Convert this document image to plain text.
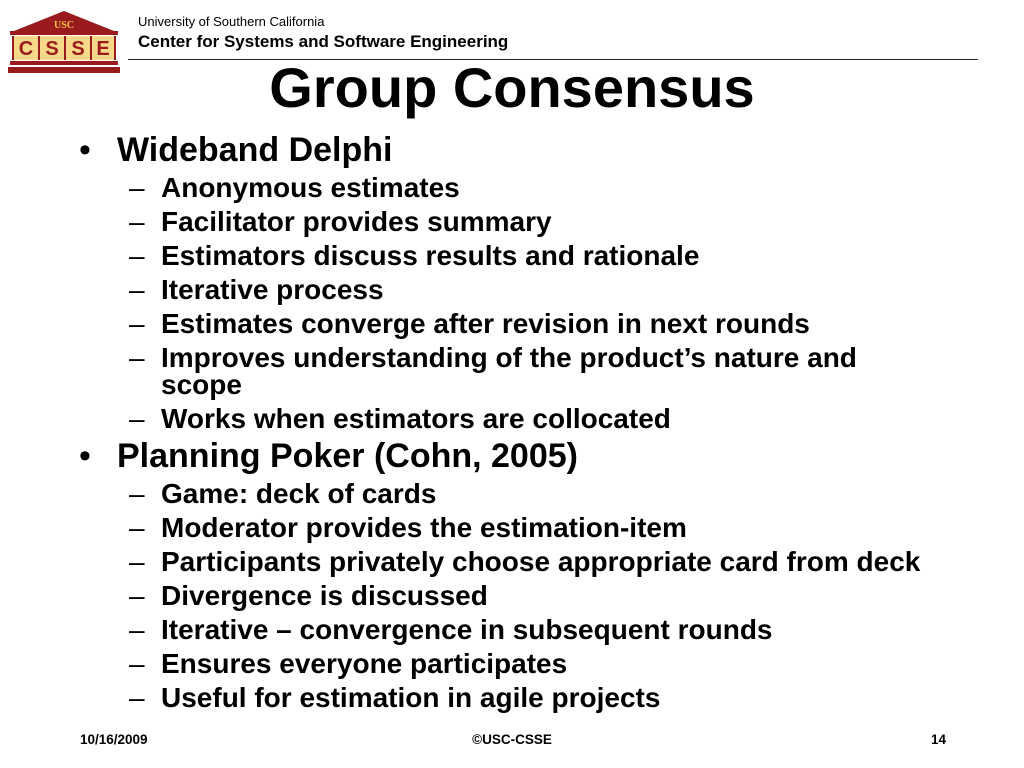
USC
C S S E
University of Southern California
Center for Systems and Software Engineering
Group Consensus
• Wideband Delphi
– Anonymous estimates
– Facilitator provides summary
– Estimators discuss results and rationale
– Iterative process
– Estimates converge after revision in next rounds
– Improves understanding of the product’s nature and scope
– Works when estimators are collocated
• Planning Poker (Cohn, 2005)
– Game: deck of cards
– Moderator provides the estimation-item
– Participants privately choose appropriate card from deck
– Divergence is discussed
– Iterative – convergence in subsequent rounds
– Ensures everyone participates
– Useful for estimation in agile projects
10/16/2009	©USC-CSSE	14
